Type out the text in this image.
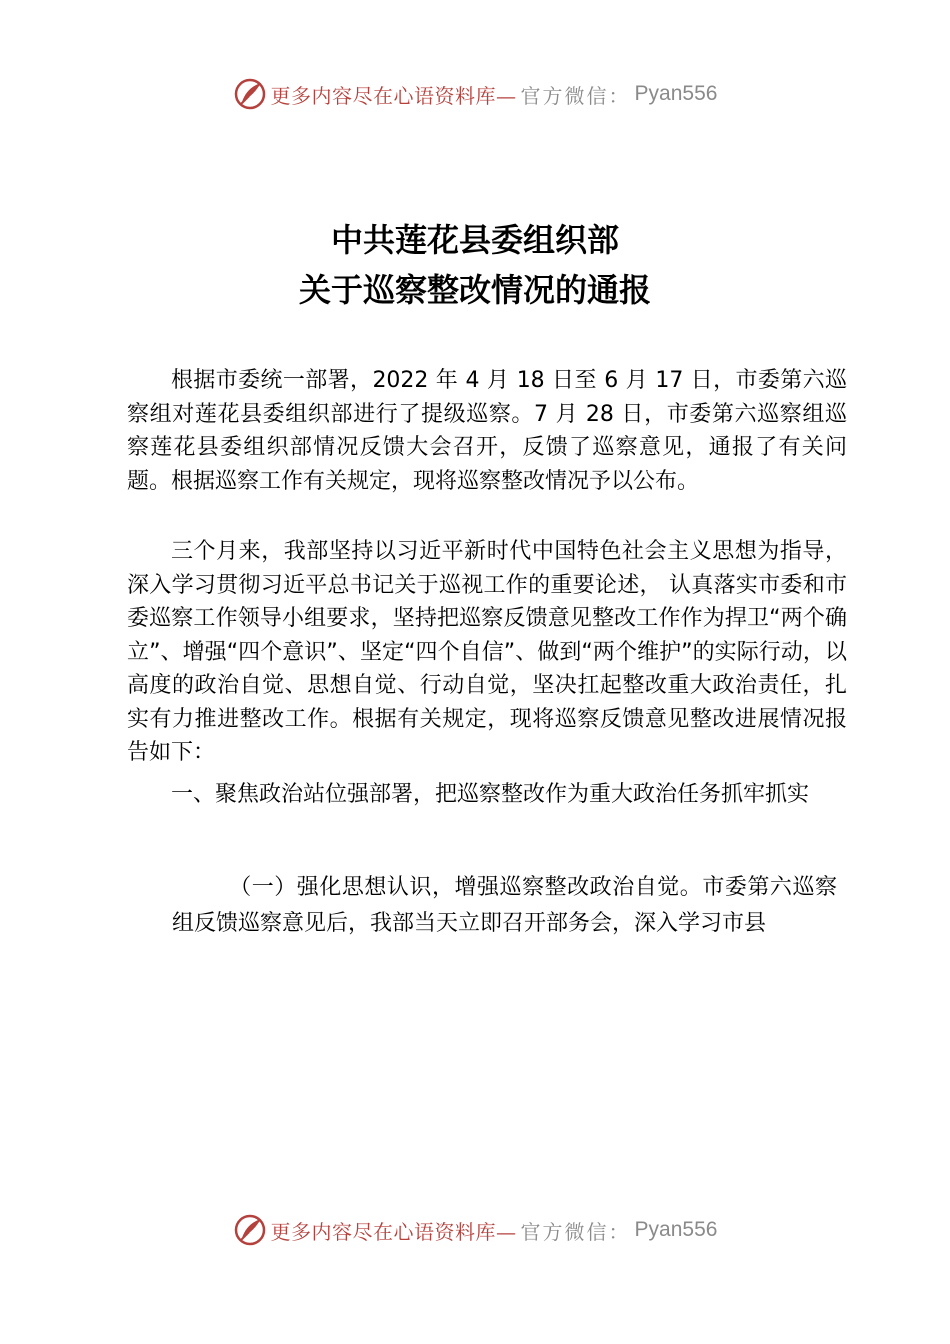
更多内容尽在心语资料库— 官方微信： Pyan556
中共莲花县委组织部
关于巡察整改情况的通报

根据市委统一部署，2022 年 4 月 18 日至 6 月 17 日，市委第六巡察组对莲花县委组织部进行了提级巡察。7 月 28 日，市委第六巡察组巡察莲花县委组织部情况反馈大会召开，反馈了巡察意见，通报了有关问题。根据巡察工作有关规定，现将巡察整改情况予以公布。

三个月来，我部坚持以习近平新时代中国特色社会主义思想为指导，深入学习贯彻习近平总书记关于巡视工作的重要论述， 认真落实市委和市委巡察工作领导小组要求，坚持把巡察反馈意见整改工作作为捍卫“两个确立”、增强“四个意识”、坚定“四个自信”、做到“两个维护”的实际行动，以高度的政治自觉、思想自觉、行动自觉，坚决扛起整改重大政治责任，扎实有力推进整改工作。根据有关规定，现将巡察反馈意见整改进展情况报告如下：

一、聚焦政治站位强部署，把巡察整改作为重大政治任务抓牢抓实

（一）强化思想认识，增强巡察整改政治自觉。市委第六巡察组反馈巡察意见后，我部当天立即召开部务会，深入学习市县

更多内容尽在心语资料库— 官方微信： Pyan556
